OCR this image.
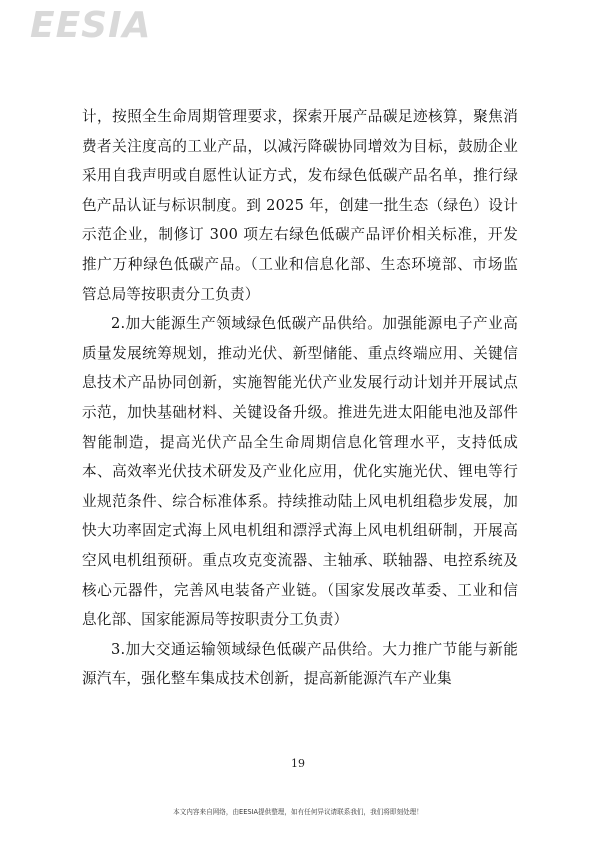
EESIA

计，按照全生命周期管理要求，探索开展产品碳足迹核算，聚焦消费者关注度高的工业产品，以减污降碳协同增效为目标，鼓励企业采用自我声明或自愿性认证方式，发布绿色低碳产品名单，推行绿色产品认证与标识制度。到 2025 年，创建一批生态（绿色）设计示范企业，制修订 300 项左右绿色低碳产品评价相关标准，开发推广万种绿色低碳产品。（工业和信息化部、生态环境部、市场监管总局等按职责分工负责）

2.加大能源生产领域绿色低碳产品供给。加强能源电子产业高质量发展统筹规划，推动光伏、新型储能、重点终端应用、关键信息技术产品协同创新，实施智能光伏产业发展行动计划并开展试点示范，加快基础材料、关键设备升级。推进先进太阳能电池及部件智能制造，提高光伏产品全生命周期信息化管理水平，支持低成本、高效率光伏技术研发及产业化应用，优化实施光伏、锂电等行业规范条件、综合标准体系。持续推动陆上风电机组稳步发展，加快大功率固定式海上风电机组和漂浮式海上风电机组研制，开展高空风电机组预研。重点攻克变流器、主轴承、联轴器、电控系统及核心元器件，完善风电装备产业链。（国家发展改革委、工业和信息化部、国家能源局等按职责分工负责）

3.加大交通运输领域绿色低碳产品供给。大力推广节能与新能源汽车，强化整车集成技术创新，提高新能源汽车产业集

19
本文内容来自网络，由EESIA提供整理，如有任何异议请联系我们，我们将即刻处理！
